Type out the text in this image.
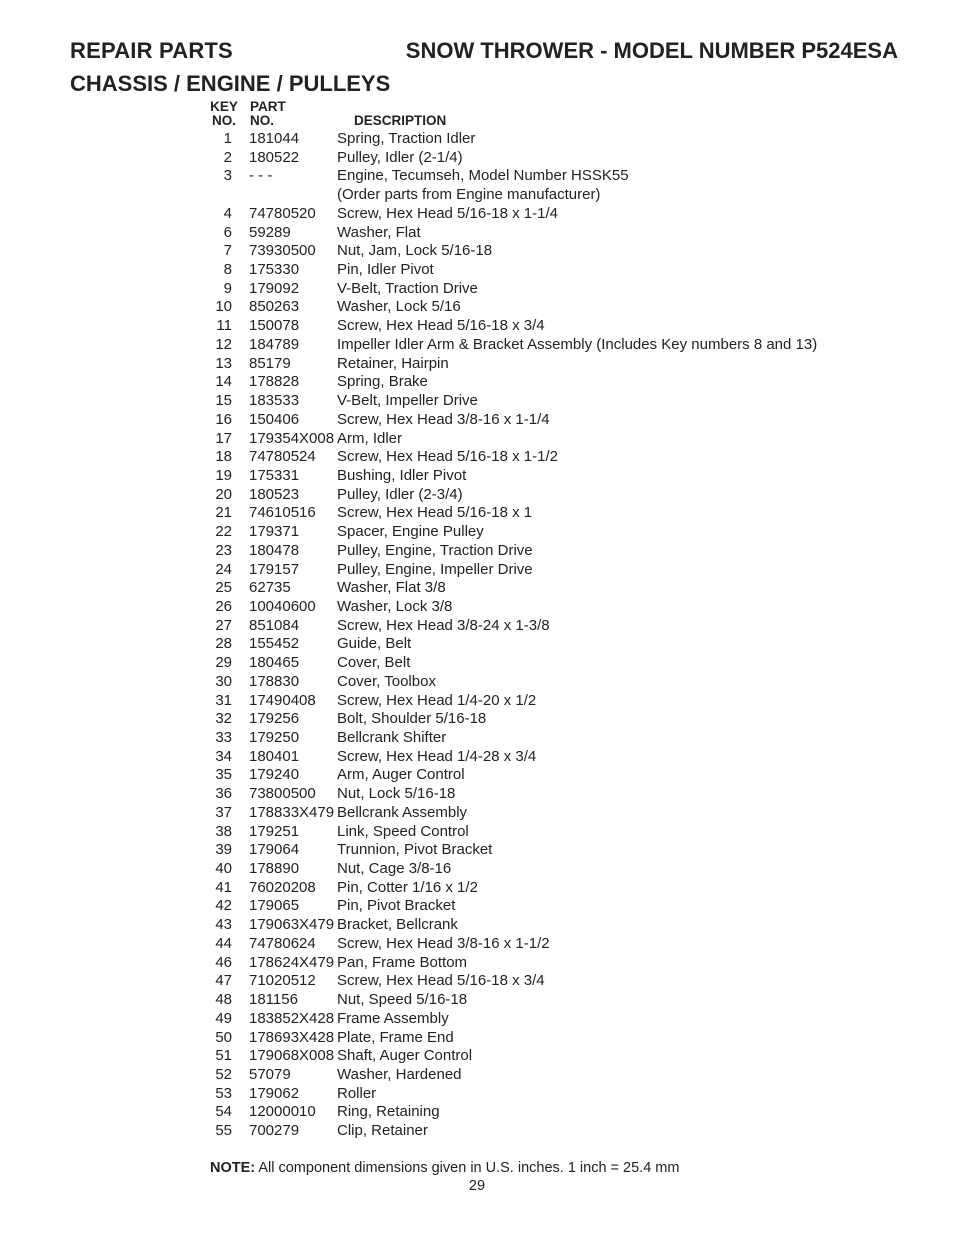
REPAIR PARTS	SNOW THROWER - MODEL NUMBER P524ESA
CHASSIS / ENGINE / PULLEYS
KEY
NO.
PART
NO.	DESCRIPTION
1	181044	Spring, Traction Idler
2	180522	Pulley, Idler (2-1/4)
3	- - -	Engine, Tecumseh, Model Number HSSK55
(Order parts from Engine manufacturer)
4	74780520	Screw, Hex Head 5/16-18 x 1-1/4
6	59289	Washer, Flat
7	73930500	Nut, Jam, Lock 5/16-18
8	175330	Pin, Idler Pivot
9	179092	V-Belt, Traction Drive
10	850263	Washer, Lock 5/16
11	150078	Screw, Hex Head 5/16-18 x 3/4
12	184789	Impeller Idler Arm & Bracket Assembly (Includes Key numbers 8 and 13)
13	85179	Retainer, Hairpin
14	178828	Spring, Brake
15	183533	V-Belt, Impeller Drive
16	150406	Screw, Hex Head 3/8-16 x 1-1/4
17	179354X008 Arm, Idler
18	74780524	Screw, Hex Head 5/16-18 x 1-1/2
19	175331	Bushing, Idler Pivot
20	180523	Pulley, Idler (2-3/4)
21	74610516	Screw, Hex Head 5/16-18 x 1
22	179371	Spacer, Engine Pulley
23	180478	Pulley, Engine, Traction Drive
24	179157	Pulley, Engine, Impeller Drive
25	62735	Washer, Flat 3/8
26	10040600	Washer, Lock 3/8
27	851084	Screw, Hex Head 3/8-24 x 1-3/8
28	155452	Guide, Belt
29	180465	Cover, Belt
30	178830	Cover, Toolbox
31	17490408	Screw, Hex Head 1/4-20 x 1/2
32	179256	Bolt, Shoulder 5/16-18
33	179250	Bellcrank Shifter
34	180401	Screw, Hex Head 1/4-28 x 3/4
35	179240	Arm, Auger Control
36	73800500	Nut, Lock 5/16-18
37	178833X479 Bellcrank Assembly
38	179251	Link, Speed Control
39	179064	Trunnion, Pivot Bracket
40	178890	Nut, Cage 3/8-16
41	76020208	Pin, Cotter 1/16 x 1/2
42	179065	Pin, Pivot Bracket
43	179063X479 Bracket, Bellcrank
44	74780624	Screw, Hex Head 3/8-16 x 1-1/2
46	178624X479 Pan, Frame Bottom
47	71020512	Screw, Hex Head 5/16-18 x 3/4
48	181156	Nut, Speed 5/16-18
49	183852X428 Frame Assembly
50	178693X428 Plate, Frame End
51	179068X008 Shaft, Auger Control
52	57079	Washer, Hardened
53	179062	Roller
54	12000010	Ring, Retaining
55	700279	Clip, Retainer
NOTE: All component dimensions given in U.S. inches. 1 inch = 25.4 mm
29
